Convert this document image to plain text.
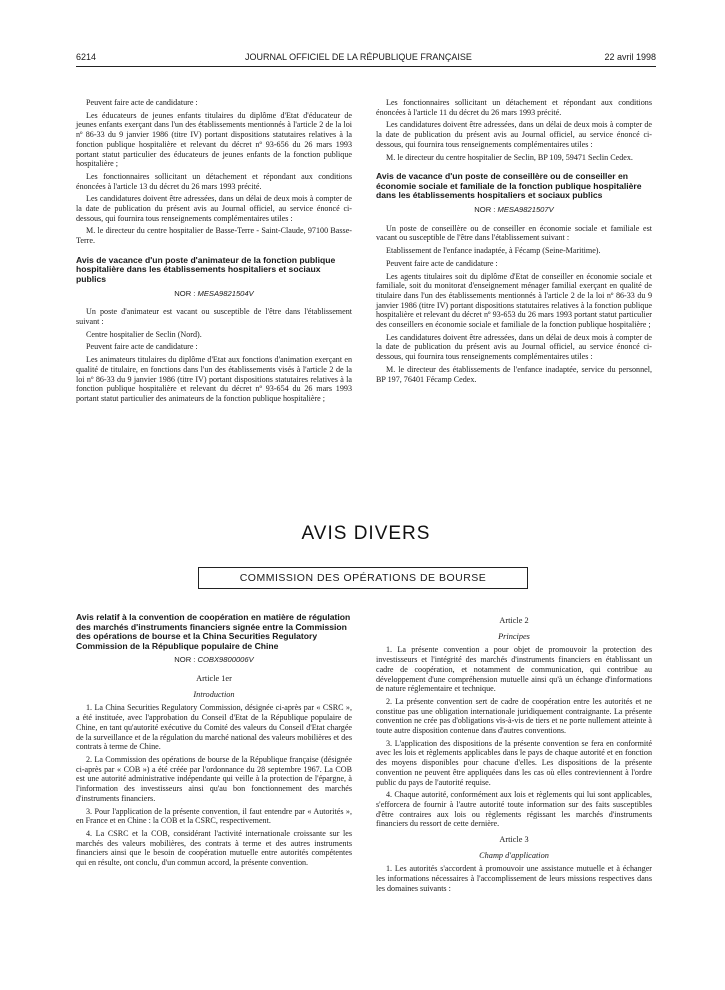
6214	JOURNAL OFFICIEL DE LA RÉPUBLIQUE FRANÇAISE	22 avril 1998

Peuvent faire acte de candidature :

Les éducateurs de jeunes enfants titulaires du diplôme d'Etat d'éducateur de jeunes enfants exerçant dans l'un des établissements mentionnés à l'article 2 de la loi nº 86-33 du 9 janvier 1986 (titre IV) portant dispositions statutaires relatives à la fonction publique hospitalière et relevant du décret nº 93-656 du 26 mars 1993 portant statut particulier des éducateurs de jeunes enfants de la fonction publique hospitalière ;

Les fonctionnaires sollicitant un détachement et répondant aux conditions énoncées à l'article 13 du décret du 26 mars 1993 précité.

Les candidatures doivent être adressées, dans un délai de deux mois à compter de la date de publication du présent avis au Journal officiel, au service énoncé ci-dessous, qui fournira tous renseignements complémentaires utiles :

M. le directeur du centre hospitalier de Basse-Terre - Saint-Claude, 97100 Basse-Terre.

Avis de vacance d'un poste d'animateur de la fonction publique hospitalière dans les établissements hospitaliers et sociaux publics
NOR : MESA9821504V

Un poste d'animateur est vacant ou susceptible de l'être dans l'établissement suivant :

Centre hospitalier de Seclin (Nord).

Peuvent faire acte de candidature :

Les animateurs titulaires du diplôme d'Etat aux fonctions d'animation exerçant en qualité de titulaire, en fonctions dans l'un des établissements visés à l'article 2 de la loi nº 86-33 du 9 janvier 1986 (titre IV) portant dispositions statutaires relatives à la fonction publique hospitalière et relevant du décret nº 93-654 du 26 mars 1993 portant statut particulier des animateurs de la fonction publique hospitalière ;

Les fonctionnaires sollicitant un détachement et répondant aux conditions énoncées à l'article 11 du décret du 26 mars 1993 précité.

Les candidatures doivent être adressées, dans un délai de deux mois à compter de la date de publication du présent avis au Journal officiel, au service énoncé ci-dessous, qui fournira tous renseignements complémentaires utiles :

M. le directeur du centre hospitalier de Seclin, BP 109, 59471 Seclin Cedex.

Avis de vacance d'un poste de conseillère ou de conseiller en économie sociale et familiale de la fonction publique hospitalière dans les établissements hospitaliers et sociaux publics
NOR : MESA9821507V

Un poste de conseillère ou de conseiller en économie sociale et familiale est vacant ou susceptible de l'être dans l'établissement suivant :

Etablissement de l'enfance inadaptée, à Fécamp (Seine-Maritime).

Peuvent faire acte de candidature :

Les agents titulaires soit du diplôme d'Etat de conseiller en économie sociale et familiale, soit du monitorat d'enseignement ménager familial exerçant en qualité de titulaire dans l'un des établissements mentionnés à l'article 2 de la loi nº 86-33 du 9 janvier 1986 (titre IV) portant dispositions statutaires relatives à la fonction publique hospitalière et relevant du décret nº 93-653 du 26 mars 1993 portant statut particulier des conseillers en économie sociale et familiale de la fonction publique hospitalière ;

Les candidatures doivent être adressées, dans un délai de deux mois à compter de la date de publication du présent avis au Journal officiel, au service énoncé ci-dessous, qui fournira tous renseignements complémentaires utiles :

M. le directeur des établissements de l'enfance inadaptée, service du personnel, BP 197, 76401 Fécamp Cedex.

AVIS DIVERS
COMMISSION DES OPÉRATIONS DE BOURSE
Avis relatif à la convention de coopération en matière de régulation des marchés d'instruments financiers signée entre la Commission des opérations de bourse et la China Securities Regulatory Commission de la République populaire de Chine
NOR : COBX9800006V

Article 1er

Introduction

1. La China Securities Regulatory Commission, désignée ci-après par « CSRC », a été instituée, avec l'approbation du Conseil d'Etat de la République populaire de Chine, en tant qu'autorité exécutive du Comité des valeurs du Conseil d'Etat chargée de la surveillance et de la régulation du marché national des valeurs mobilières et des contrats à terme de Chine.

2. La Commission des opérations de bourse de la République française (désignée ci-après par « COB ») a été créée par l'ordonnance du 28 septembre 1967. La COB est une autorité administrative indépendante qui veille à la protection de l'épargne, à l'information des investisseurs ainsi qu'au bon fonctionnement des marchés d'instruments financiers.

3. Pour l'application de la présente convention, il faut entendre par « Autorités », en France et en Chine : la COB et la CSRC, respectivement.

4. La CSRC et la COB, considérant l'activité internationale croissante sur les marchés des valeurs mobilières, des contrats à terme et des autres instruments financiers ainsi que le besoin de coopération mutuelle entre autorités compétentes qui en résulte, ont conclu, d'un commun accord, la présente convention.

Article 2

Principes

1. La présente convention a pour objet de promouvoir la protection des investisseurs et l'intégrité des marchés d'instruments financiers en établissant un cadre de coopération, et notamment de communication, qui contribue au développement d'une compréhension mutuelle ainsi qu'à un échange d'informations de nature réglementaire et technique.

2. La présente convention sert de cadre de coopération entre les autorités et ne constitue pas une obligation internationale juridiquement contraignante. La présente convention ne crée pas d'obligations vis-à-vis de tiers et ne porte nullement atteinte à toute autre disposition contenue dans d'autres conventions.

3. L'application des dispositions de la présente convention se fera en conformité avec les lois et règlements applicables dans le pays de chaque autorité et en fonction des moyens disponibles pour chacune d'elles. Les dispositions de la présente convention ne peuvent être appliquées dans les cas où elles contreviennent à l'ordre public du pays de l'autorité requise.

4. Chaque autorité, conformément aux lois et règlements qui lui sont applicables, s'efforcera de fournir à l'autre autorité toute information sur des faits susceptibles d'être contraires aux lois ou règlements régissant les marchés d'instruments financiers du ressort de cette dernière.

Article 3

Champ d'application

1. Les autorités s'accordent à promouvoir une assistance mutuelle et à échanger les informations nécessaires à l'accomplissement de leurs missions respectives dans les domaines suivants :
